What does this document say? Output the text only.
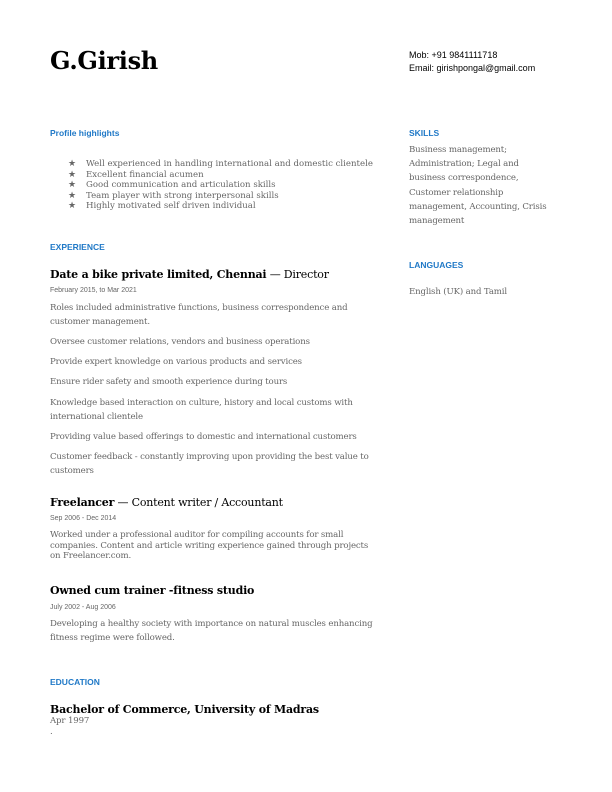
G.Girish	Mob: +91 9841111718
Email: girishpongal@gmail.com
Profile highlights
★	Well experienced in handling international and domestic clientele
★	Excellent financial acumen
★	Good communication and articulation skills
★	Team player with strong interpersonal skills
★	Highly motivated self driven individual
EXPERIENCE
Date a bike private limited, Chennai — Director
February 2015, to Mar 2021
Roles included administrative functions, business correspondence and customer management.
Oversee customer relations, vendors and business operations
Provide expert knowledge on various products and services
Ensure rider safety and smooth experience during tours
Knowledge based interaction on culture, history and local customs with international clientele
Providing value based offerings to domestic and international customers
Customer feedback - constantly improving upon providing the best value to customers
Freelancer — Content writer / Accountant
Sep 2006 - Dec 2014
Worked under a professional auditor for compiling accounts for small companies. Content and article writing experience gained through projects on Freelancer.com.
Owned cum trainer -fitness studio
July 2002 - Aug 2006
Developing a healthy society with importance on natural muscles enhancing fitness regime were followed.
EDUCATION
Bachelor of Commerce, University of Madras
Apr 1997
.
SKILLS
Business management; Administration; Legal and business correspondence, Customer relationship management, Accounting, Crisis management
LANGUAGES
English (UK) and Tamil
